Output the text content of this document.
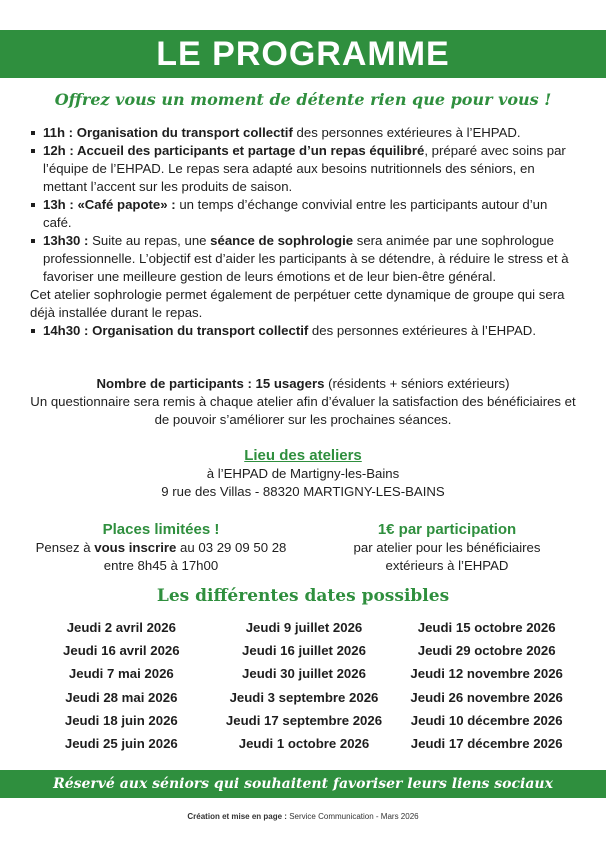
LE PROGRAMME
Offrez vous un moment de détente rien que pour vous !
11h : Organisation du transport collectif des personnes extérieures à l’EHPAD.
12h : Accueil des participants et partage d’un repas équilibré, préparé avec soins par l’équipe de l’EHPAD. Le repas sera adapté aux besoins nutritionnels des séniors, en mettant l’accent sur les produits de saison.
13h : «Café papote» : un temps d’échange convivial entre les participants autour d’un café.
13h30 : Suite au repas, une séance de sophrologie sera animée par une sophrologue professionnelle. L’objectif est d’aider les participants à se détendre, à réduire le stress et à favoriser une meilleure gestion de leurs émotions et de leur bien-être général.
Cet atelier sophrologie permet également de perpétuer cette dynamique de groupe qui sera déjà installée durant le repas.
14h30 : Organisation du transport collectif des personnes extérieures à l’EHPAD.
Nombre de participants : 15 usagers (résidents + séniors extérieurs)
Un questionnaire sera remis à chaque atelier afin d’évaluer la satisfaction des bénéficiaires et de pouvoir s’améliorer sur les prochaines séances.
Lieu des ateliers
à l’EHPAD de Martigny-les-Bains
9 rue des Villas - 88320 MARTIGNY-LES-BAINS
Places limitées !
Pensez à vous inscrire au 03 29 09 50 28
entre 8h45 à 17h00
1€ par participation
par atelier pour les bénéficiaires
extérieurs à l’EHPAD
Les différentes dates possibles
Jeudi 2 avril 2026	Jeudi 9 juillet 2026	Jeudi 15 octobre 2026
Jeudi 16 avril 2026	Jeudi 16 juillet 2026	Jeudi 29 octobre 2026
Jeudi 7 mai 2026	Jeudi 30 juillet 2026	Jeudi 12 novembre 2026
Jeudi 28 mai 2026	Jeudi 3 septembre 2026	Jeudi 26 novembre 2026
Jeudi 18 juin 2026	Jeudi 17 septembre 2026	Jeudi 10 décembre 2026
Jeudi 25 juin 2026	Jeudi 1 octobre 2026	Jeudi 17 décembre 2026
Réservé aux séniors qui souhaitent favoriser leurs liens sociaux
Création et mise en page : Service Communication - Mars 2026
